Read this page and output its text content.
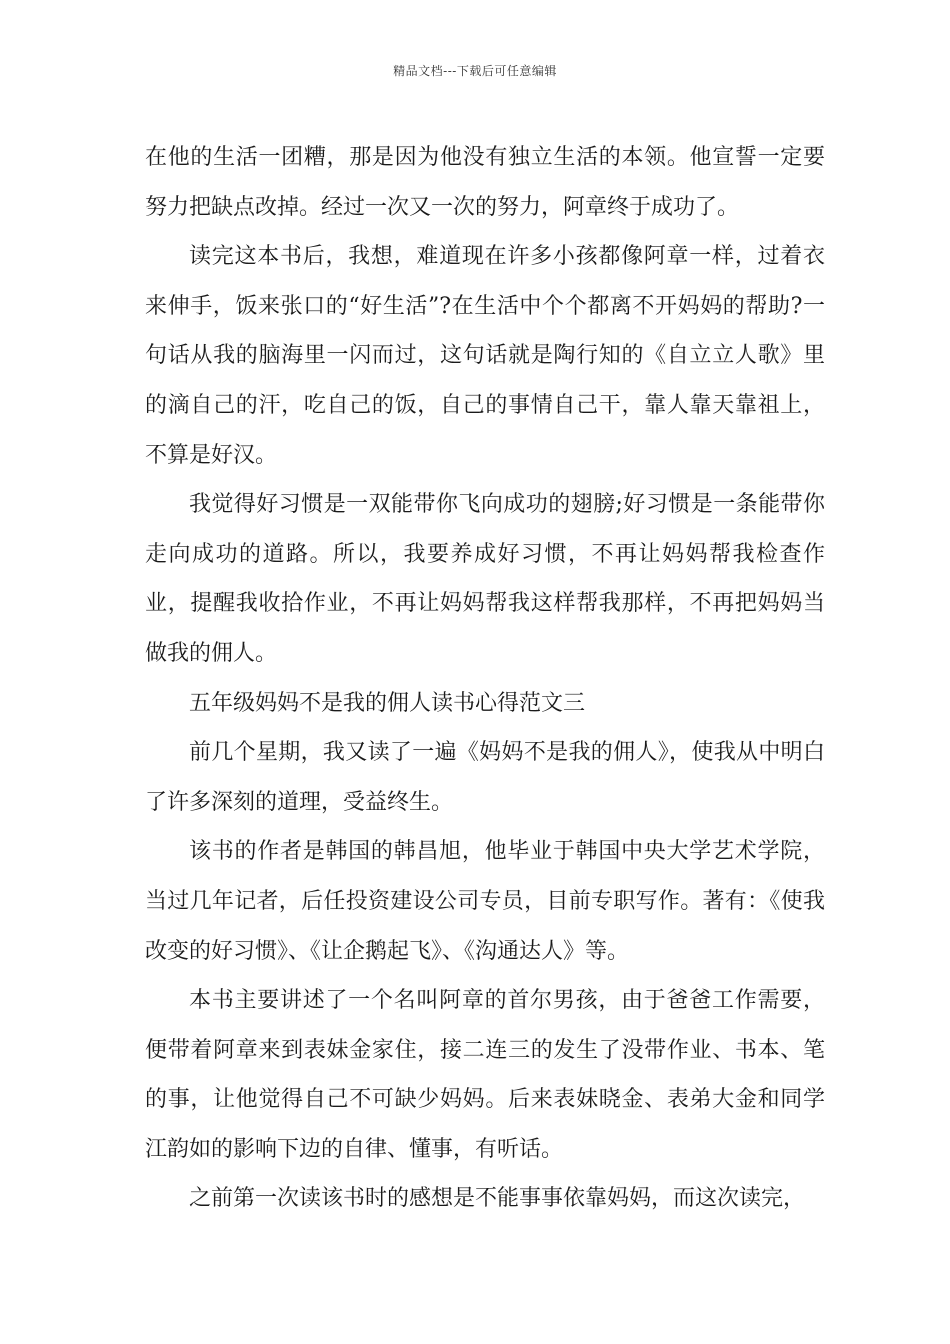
精品文档---下载后可任意编辑

在他的生活一团糟，那是因为他没有独立生活的本领。他宣誓一定要努力把缺点改掉。经过一次又一次的努力，阿章终于成功了。

读完这本书后，我想，难道现在许多小孩都像阿章一样，过着衣来伸手，饭来张口的“好生活”?在生活中个个都离不开妈妈的帮助?一句话从我的脑海里一闪而过，这句话就是陶行知的《自立立人歌》里的滴自己的汗，吃自己的饭，自己的事情自己干，靠人靠天靠祖上，不算是好汉。

我觉得好习惯是一双能带你飞向成功的翅膀;好习惯是一条能带你走向成功的道路。所以，我要养成好习惯，不再让妈妈帮我检查作业，提醒我收拾作业，不再让妈妈帮我这样帮我那样，不再把妈妈当做我的佣人。

五年级妈妈不是我的佣人读书心得范文三

前几个星期，我又读了一遍《妈妈不是我的佣人》，使我从中明白了许多深刻的道理，受益终生。

该书的作者是韩国的韩昌旭，他毕业于韩国中央大学艺术学院，当过几年记者，后任投资建设公司专员，目前专职写作。著有：《使我改变的好习惯》、《让企鹅起飞》、《沟通达人》等。

本书主要讲述了一个名叫阿章的首尔男孩，由于爸爸工作需要，便带着阿章来到表妹金家住，接二连三的发生了没带作业、书本、笔的事，让他觉得自己不可缺少妈妈。后来表妹晓金、表弟大金和同学江韵如的影响下边的自律、懂事，有听话。

之前第一次读该书时的感想是不能事事依靠妈妈，而这次读完，
